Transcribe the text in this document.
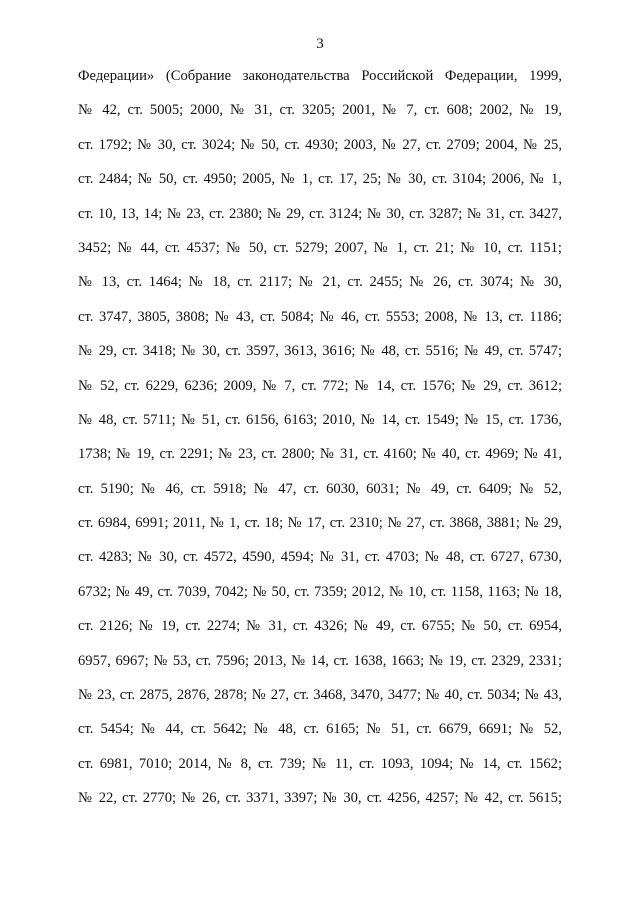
3
Федерации» (Собрание законодательства Российской Федерации, 1999,
№ 42, ст. 5005; 2000, № 31, ст. 3205; 2001, № 7, ст. 608; 2002, № 19,
ст. 1792; № 30, ст. 3024; № 50, ст. 4930; 2003, № 27, ст. 2709; 2004, № 25,
ст. 2484; № 50, ст. 4950; 2005, № 1, ст. 17, 25; № 30, ст. 3104; 2006, № 1,
ст. 10, 13, 14; № 23, ст. 2380; № 29, ст. 3124; № 30, ст. 3287; № 31, ст. 3427,
3452; № 44, ст. 4537; № 50, ст. 5279; 2007, № 1, ст. 21; № 10, ст. 1151;
№ 13, ст. 1464; № 18, ст. 2117; № 21, ст. 2455; № 26, ст. 3074; № 30,
ст. 3747, 3805, 3808; № 43, ст. 5084; № 46, ст. 5553; 2008, № 13, ст. 1186;
№ 29, ст. 3418; № 30, ст. 3597, 3613, 3616; № 48, ст. 5516; № 49, ст. 5747;
№ 52, ст. 6229, 6236; 2009, № 7, ст. 772; № 14, ст. 1576; № 29, ст. 3612;
№ 48, ст. 5711; № 51, ст. 6156, 6163; 2010, № 14, ст. 1549; № 15, ст. 1736,
1738; № 19, ст. 2291; № 23, ст. 2800; № 31, ст. 4160; № 40, ст. 4969; № 41,
ст. 5190; № 46, ст. 5918; № 47, ст. 6030, 6031; № 49, ст. 6409; № 52,
ст. 6984, 6991; 2011, № 1, ст. 18; № 17, ст. 2310; № 27, ст. 3868, 3881; № 29,
ст. 4283; № 30, ст. 4572, 4590, 4594; № 31, ст. 4703; № 48, ст. 6727, 6730,
6732; № 49, ст. 7039, 7042; № 50, ст. 7359; 2012, № 10, ст. 1158, 1163; № 18,
ст. 2126; № 19, ст. 2274; № 31, ст. 4326; № 49, ст. 6755; № 50, ст. 6954,
6957, 6967; № 53, ст. 7596; 2013, № 14, ст. 1638, 1663; № 19, ст. 2329, 2331;
№ 23, ст. 2875, 2876, 2878; № 27, ст. 3468, 3470, 3477; № 40, ст. 5034; № 43,
ст. 5454; № 44, ст. 5642; № 48, ст. 6165; № 51, ст. 6679, 6691; № 52,
ст. 6981, 7010; 2014, № 8, ст. 739; № 11, ст. 1093, 1094; № 14, ст. 1562;
№ 22, ст. 2770; № 26, ст. 3371, 3397; № 30, ст. 4256, 4257; № 42, ст. 5615;
